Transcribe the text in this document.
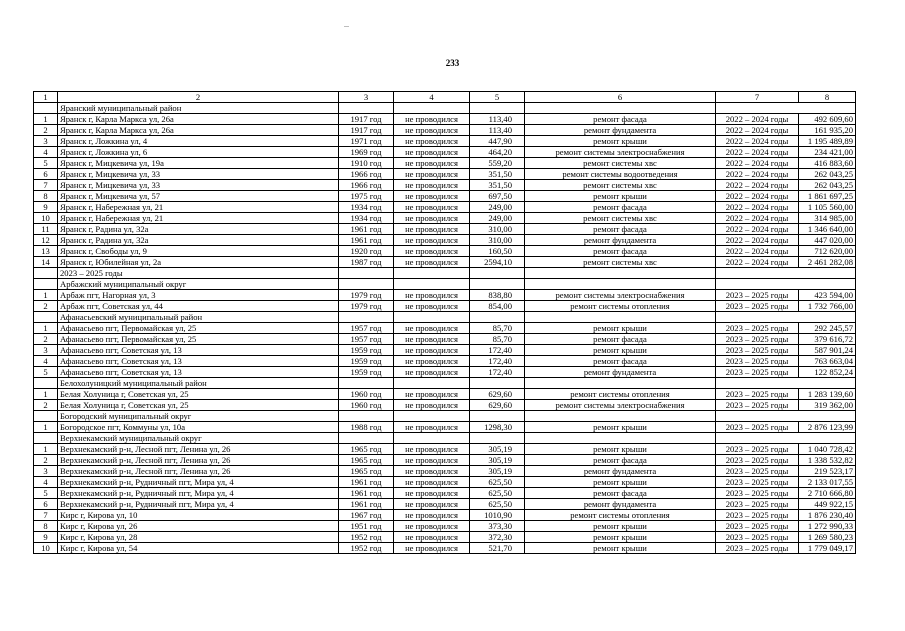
233
1	2	3	4	5	6	7	8
	Яранский муниципальный район						
1	Яранск г, Карла Маркса ул, 26а	1917 год	не проводился	113,40	ремонт фасада	2022 – 2024 годы	492 609,60
2	Яранск г, Карла Маркса ул, 26а	1917 год	не проводился	113,40	ремонт фундамента	2022 – 2024 годы	161 935,20
3	Яранск г, Ложкина ул, 4	1971 год	не проводился	447,90	ремонт крыши	2022 – 2024 годы	1 195 489,89
4	Яранск г, Ложкина ул, 6	1969 год	не проводился	464,20	ремонт системы электроснабжения	2022 – 2024 годы	234 421,00
5	Яранск г, Мицкевича ул, 19а	1910 год	не проводился	559,20	ремонт системы хвс	2022 – 2024 годы	416 883,60
6	Яранск г, Мицкевича ул, 33	1966 год	не проводился	351,50	ремонт системы водоотведения	2022 – 2024 годы	262 043,25
7	Яранск г, Мицкевича ул, 33	1966 год	не проводился	351,50	ремонт системы хвс	2022 – 2024 годы	262 043,25
8	Яранск г, Мицкевича ул, 57	1975 год	не проводился	697,50	ремонт крыши	2022 – 2024 годы	1 861 697,25
9	Яранск г, Набережная ул, 21	1934 год	не проводился	249,00	ремонт фасада	2022 – 2024 годы	1 105 560,00
10	Яранск г, Набережная ул, 21	1934 год	не проводился	249,00	ремонт системы хвс	2022 – 2024 годы	314 985,00
11	Яранск г, Радина ул, 32а	1961 год	не проводился	310,00	ремонт фасада	2022 – 2024 годы	1 346 640,00
12	Яранск г, Радина ул, 32а	1961 год	не проводился	310,00	ремонт фундамента	2022 – 2024 годы	447 020,00
13	Яранск г, Свободы ул, 9	1920 год	не проводился	160,50	ремонт фасада	2022 – 2024 годы	712 620,00
14	Яранск г, Юбилейная ул, 2а	1987 год	не проводился	2594,10	ремонт системы хвс	2022 – 2024 годы	2 461 282,08
	2023 – 2025 годы						
	Арбажский муниципальный округ						
1	Арбаж пгт, Нагорная ул, 3	1979 год	не проводился	838,80	ремонт системы электроснабжения	2023 – 2025 годы	423 594,00
2	Арбаж пгт, Советская ул, 44	1979 год	не проводился	854,00	ремонт системы отопления	2023 – 2025 годы	1 732 766,00
	Афанасьевский муниципальный район						
1	Афанасьево пгт, Первомайская ул, 25	1957 год	не проводился	85,70	ремонт крыши	2023 – 2025 годы	292 245,57
2	Афанасьево пгт, Первомайская ул, 25	1957 год	не проводился	85,70	ремонт фасада	2023 – 2025 годы	379 616,72
3	Афанасьево пгт, Советская ул, 13	1959 год	не проводился	172,40	ремонт крыши	2023 – 2025 годы	587 901,24
4	Афанасьево пгт, Советская ул, 13	1959 год	не проводился	172,40	ремонт фасада	2023 – 2025 годы	763 663,04
5	Афанасьево пгт, Советская ул, 13	1959 год	не проводился	172,40	ремонт фундамента	2023 – 2025 годы	122 852,24
	Белохолуницкий муниципальный район						
1	Белая Холуница г, Советская ул, 25	1960 год	не проводился	629,60	ремонт системы отопления	2023 – 2025 годы	1 283 139,60
2	Белая Холуница г, Советская ул, 25	1960 год	не проводился	629,60	ремонт системы электроснабжения	2023 – 2025 годы	319 362,00
	Богородский муниципальный округ						
1	Богородское пгт, Коммуны ул, 10а	1988 год	не проводился	1298,30	ремонт крыши	2023 – 2025 годы	2 876 123,99
	Верхнекамский муниципальный округ						
1	Верхнекамский р-н, Лесной пгт, Ленина ул, 26	1965 год	не проводился	305,19	ремонт крыши	2023 – 2025 годы	1 040 728,42
2	Верхнекамский р-н, Лесной пгт, Ленина ул, 26	1965 год	не проводился	305,19	ремонт фасада	2023 – 2025 годы	1 338 532,82
3	Верхнекамский р-н, Лесной пгт, Ленина ул, 26	1965 год	не проводился	305,19	ремонт фундамента	2023 – 2025 годы	219 523,17
4	Верхнекамский р-н, Рудничный пгт, Мира ул, 4	1961 год	не проводился	625,50	ремонт крыши	2023 – 2025 годы	2 133 017,55
5	Верхнекамский р-н, Рудничный пгт, Мира ул, 4	1961 год	не проводился	625,50	ремонт фасада	2023 – 2025 годы	2 710 666,80
6	Верхнекамский р-н, Рудничный пгт, Мира ул, 4	1961 год	не проводился	625,50	ремонт фундамента	2023 – 2025 годы	449 922,15
7	Кирс г, Кирова ул, 10	1967 год	не проводился	1010,90	ремонт системы отопления	2023 – 2025 годы	1 876 230,40
8	Кирс г, Кирова ул, 26	1951 год	не проводился	373,30	ремонт крыши	2023 – 2025 годы	1 272 990,33
9	Кирс г, Кирова ул, 28	1952 год	не проводился	372,30	ремонт крыши	2023 – 2025 годы	1 269 580,23
10	Кирс г, Кирова ул, 54	1952 год	не проводился	521,70	ремонт крыши	2023 – 2025 годы	1 779 049,17
